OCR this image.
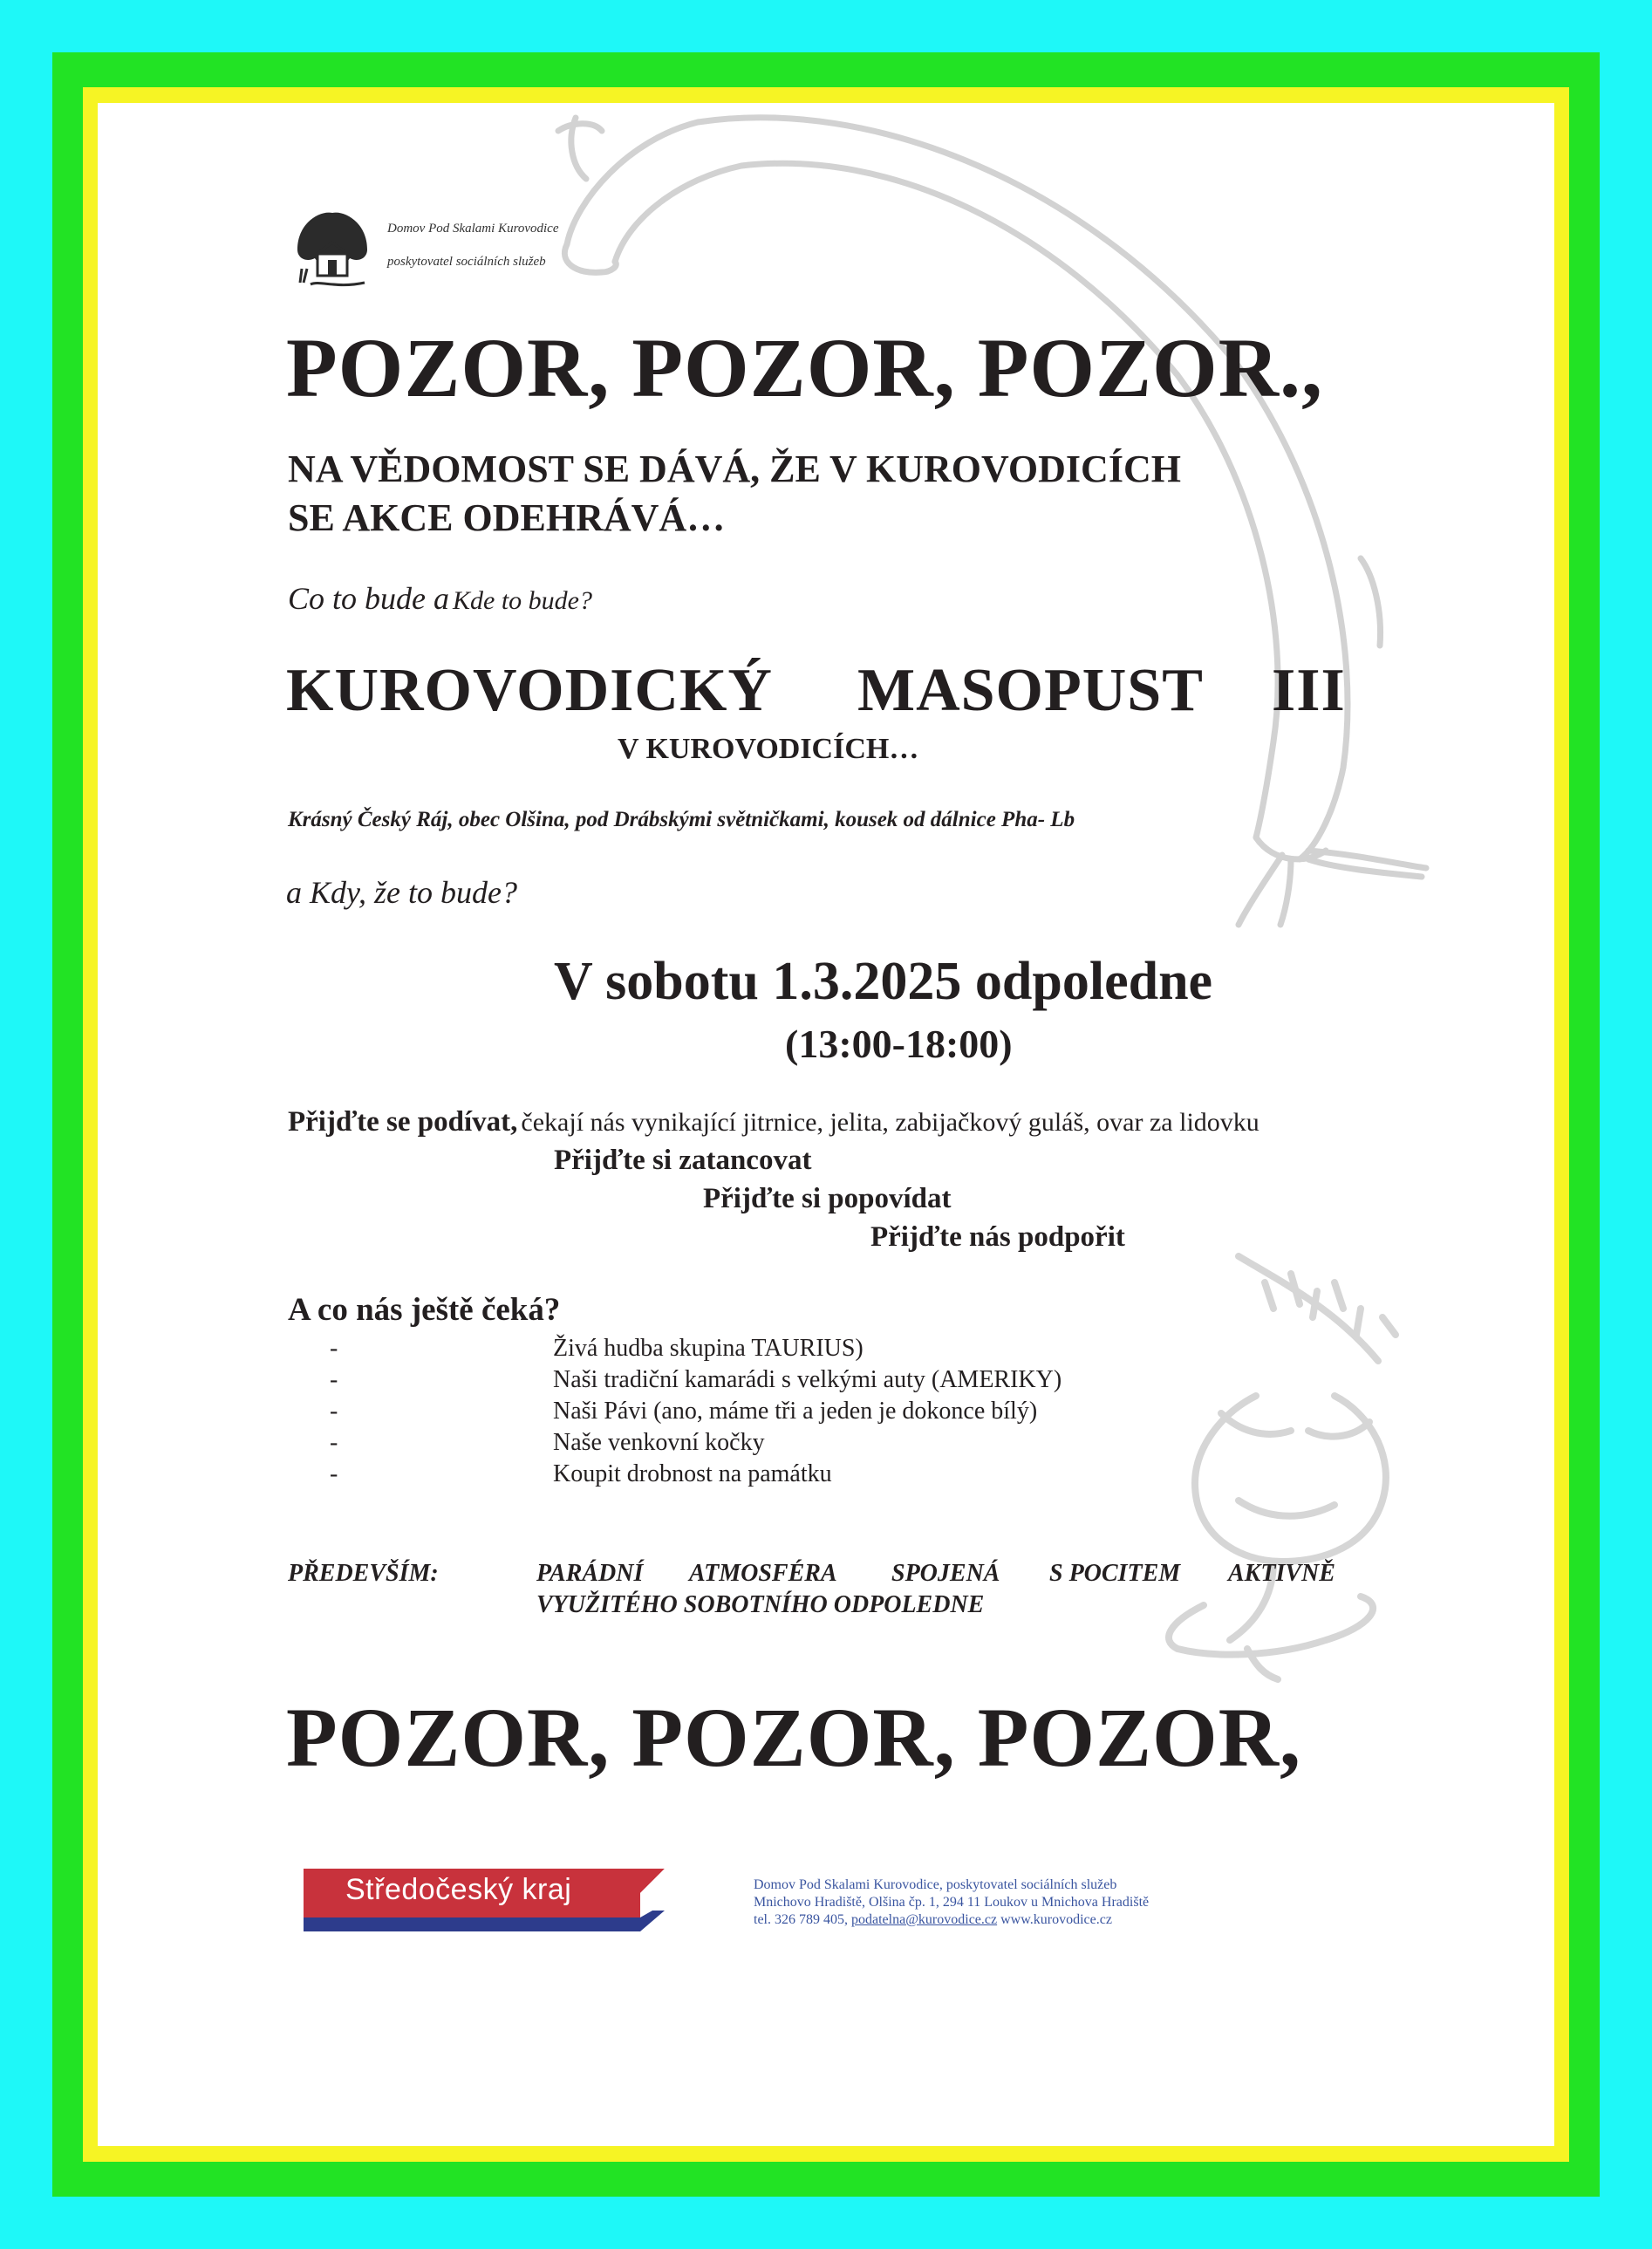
Domov Pod Skalami Kurovodice
poskytovatel sociálních služeb
POZOR, POZOR, POZOR.,
NA VĚDOMOST SE DÁVÁ, ŽE V KUROVODICÍCH
SE AKCE ODEHRÁVÁ…
Co to bude a Kde to bude?
KUROVODICKÝ MASOPUST III
V KUROVODICÍCH…
Krásný Český Ráj, obec Olšina, pod Drábskými světničkami, kousek od dálnice Pha- Lb
a Kdy, že to bude?
V sobotu 1.3.2025 odpoledne
(13:00-18:00)
Přijďte se podívat, čekají nás vynikající jitrnice, jelita, zabijačkový guláš, ovar za lidovku
Přijďte si zatancovat
Přijďte si popovídat
Přijďte nás podpořit
A co nás ještě čeká?
-	Živá hudba skupina TAURIUS)
-	Naši tradiční kamarádi s velkými auty (AMERIKY)
-	Naši Pávi (ano, máme tři a jeden je dokonce bílý)
-	Naše venkovní kočky
-	Koupit drobnost na památku
PŘEDEVŠÍM:	PARÁDNÍ ATMOSFÉRA SPOJENÁ S POCITEM AKTIVNĚ
VYUŽITÉHO SOBOTNÍHO ODPOLEDNE
POZOR, POZOR, POZOR,
Středočeský kraj	Domov Pod Skalami Kurovodice, poskytovatel sociálních služeb
Mnichovo Hradiště, Olšina čp. 1, 294 11 Loukov u Mnichova Hradiště
tel. 326 789 405, podatelna@kurovodice.cz www.kurovodice.cz
